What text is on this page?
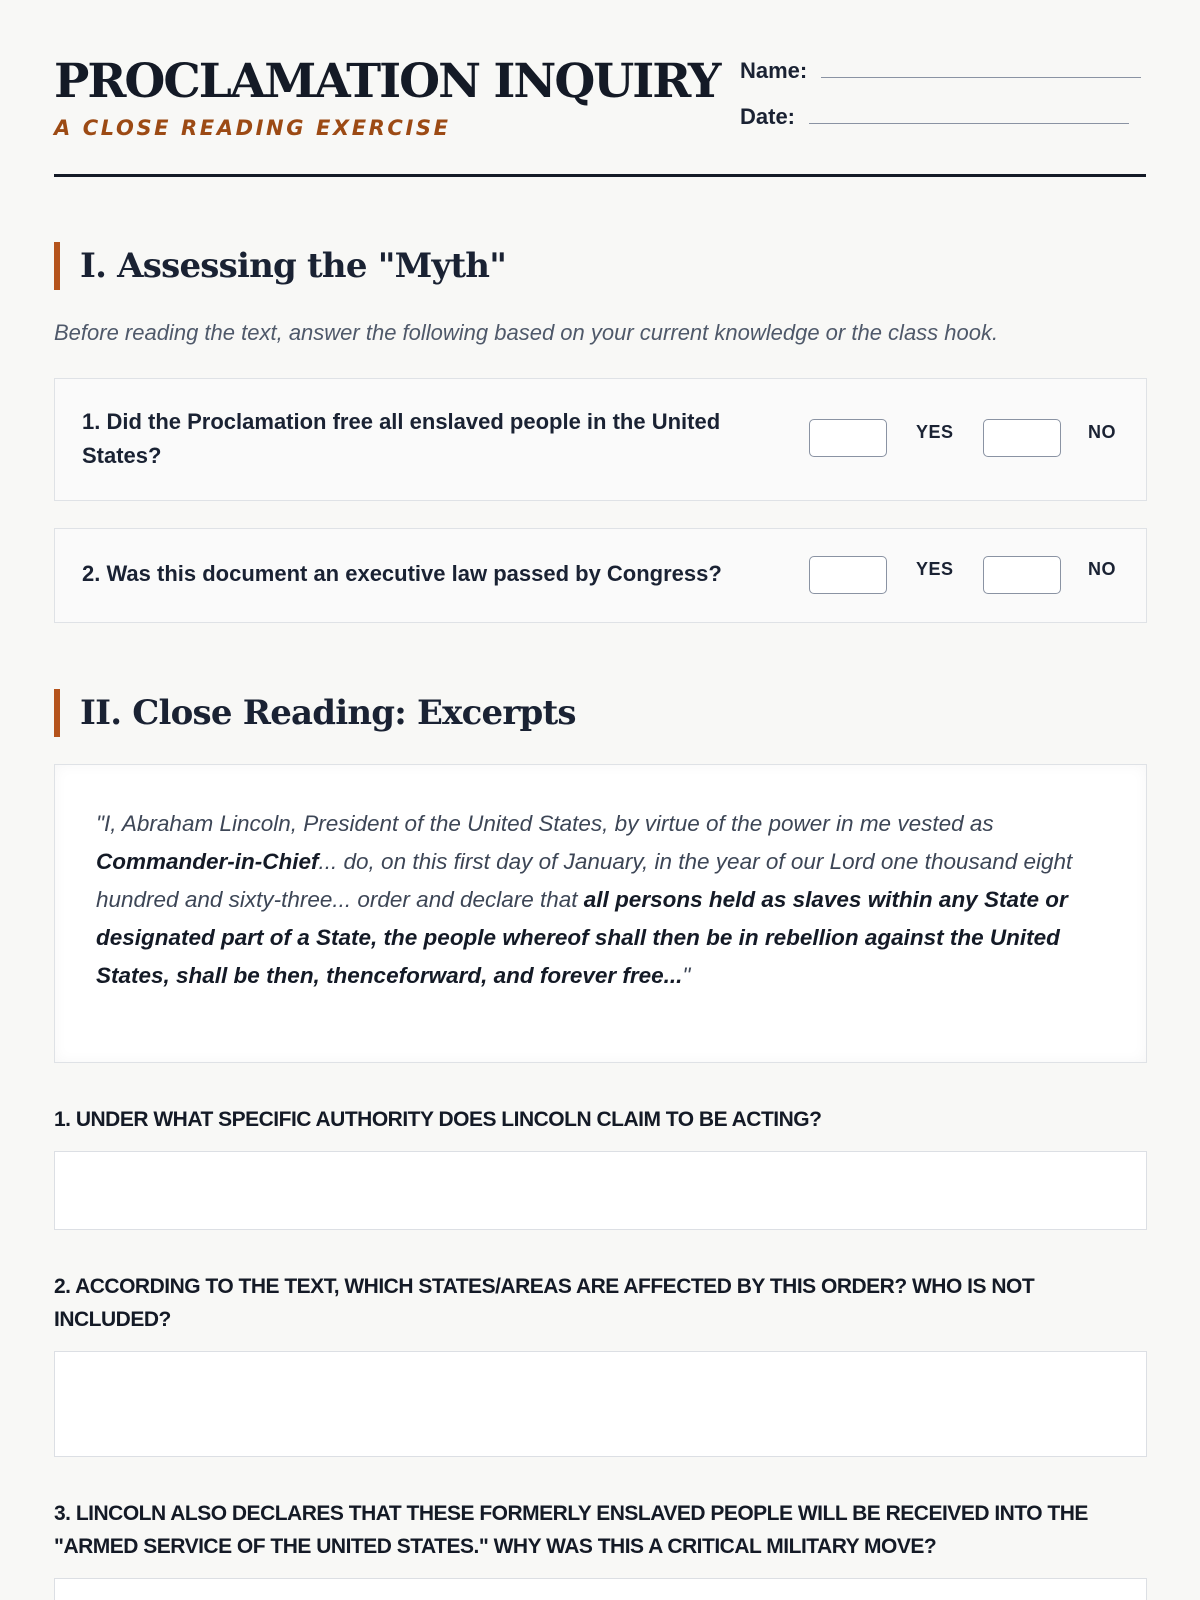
PROCLAMATION INQUIRY
A CLOSE READING EXERCISE
Name:
Date:
I. Assessing the "Myth"
Before reading the text, answer the following based on your current knowledge or the class hook.
1. Did the Proclamation free all enslaved people in the United States?
YES	NO
2. Was this document an executive law passed by Congress?	YES	NO
II. Close Reading: Excerpts
"I, Abraham Lincoln, President of the United States, by virtue of the power in me vested as Commander-in-Chief... do, on this first day of January, in the year of our Lord one thousand eight hundred and sixty-three... order and declare that all persons held as slaves within any State or designated part of a State, the people whereof shall then be in rebellion against the United States, shall be then, thenceforward, and forever free..."
1. UNDER WHAT SPECIFIC AUTHORITY DOES LINCOLN CLAIM TO BE ACTING?
2. ACCORDING TO THE TEXT, WHICH STATES/AREAS ARE AFFECTED BY THIS ORDER? WHO IS NOT INCLUDED?
3. LINCOLN ALSO DECLARES THAT THESE FORMERLY ENSLAVED PEOPLE WILL BE RECEIVED INTO THE "ARMED SERVICE OF THE UNITED STATES." WHY WAS THIS A CRITICAL MILITARY MOVE?
